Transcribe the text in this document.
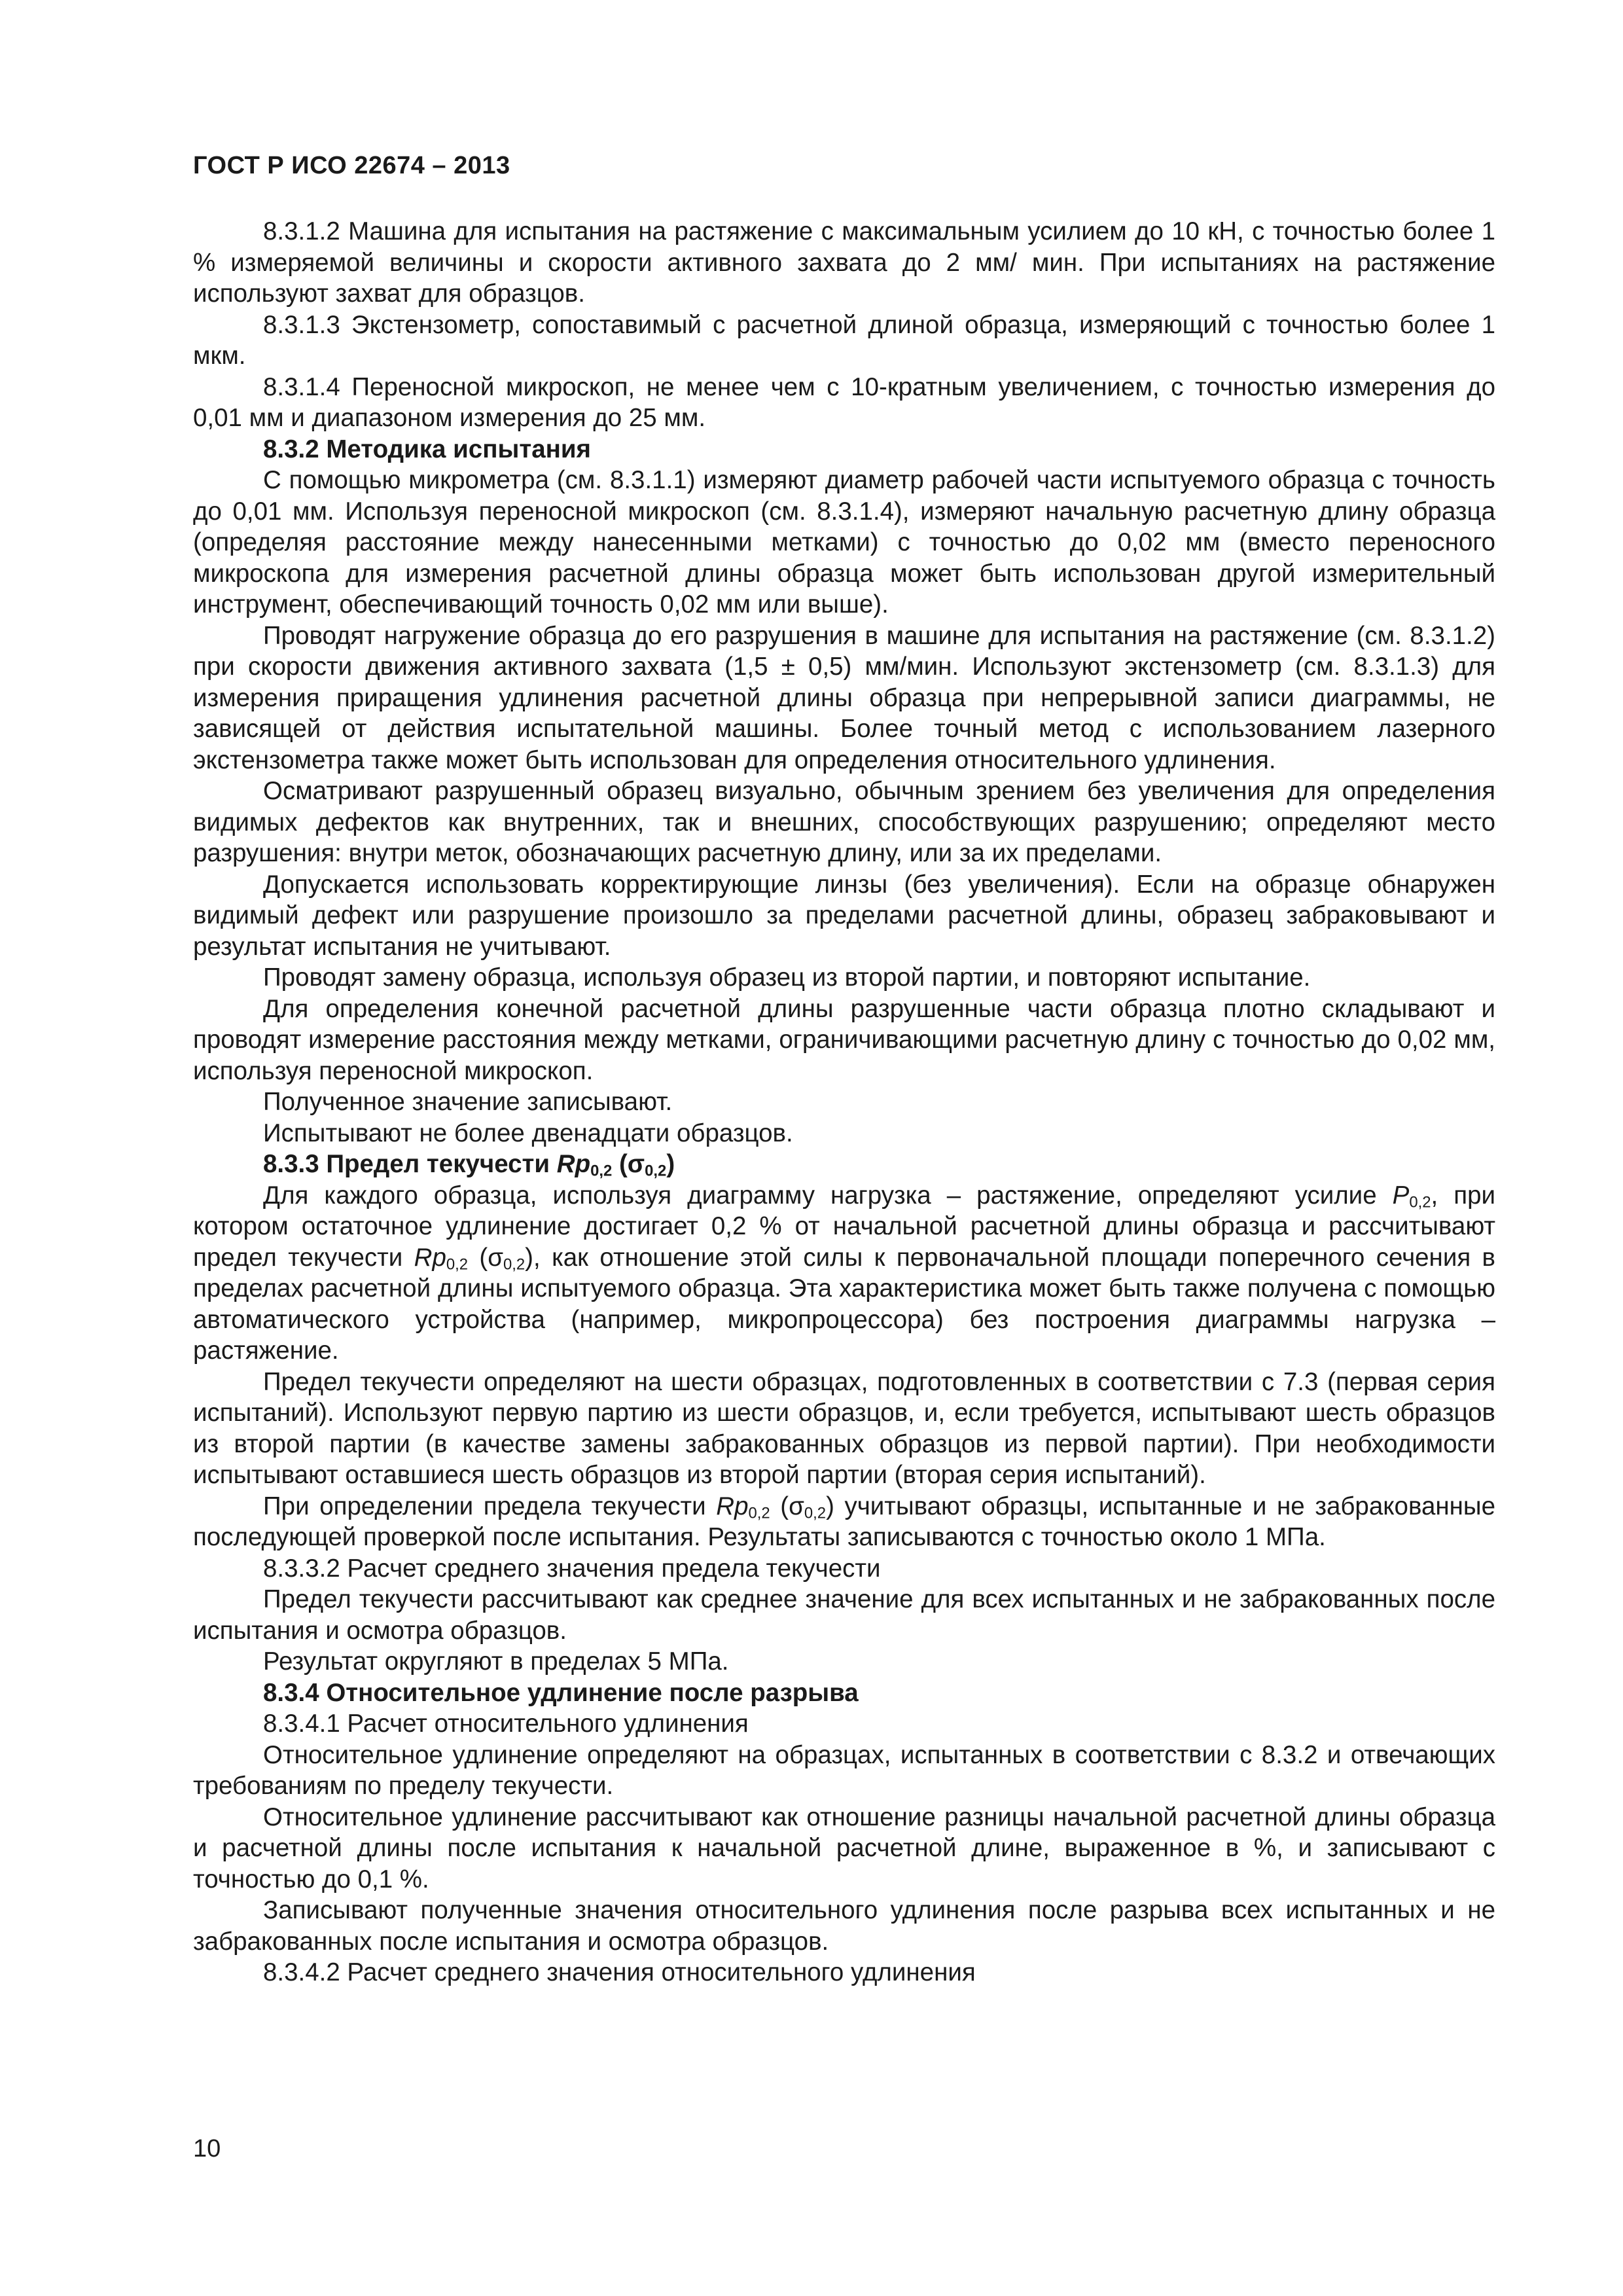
ГОСТ Р ИСО 22674 – 2013

8.3.1.2 Машина для испытания на растяжение с максимальным усилием до 10 кН, с точностью более 1 % измеряемой величины и скорости активного захвата до 2 мм/ мин. При испытаниях на растяжение используют захват для образцов.

8.3.1.3 Экстензометр, сопоставимый с расчетной длиной образца, измеряющий с точностью более 1 мкм.

8.3.1.4 Переносной микроскоп, не менее чем с 10-кратным увеличением, с точностью измерения до 0,01 мм и диапазоном измерения до 25 мм.

8.3.2 Методика испытания

С помощью микрометра (см. 8.3.1.1) измеряют диаметр рабочей части испытуемого образца с точность до 0,01 мм. Используя переносной микроскоп (см. 8.3.1.4), измеряют начальную расчетную длину образца (определяя расстояние между нанесенными метками) с точностью до 0,02 мм (вместо переносного микроскопа для измерения расчетной длины образца может быть использован другой измерительный инструмент, обеспечивающий точность 0,02 мм или выше).

Проводят нагружение образца до его разрушения в машине для испытания на растяжение (см. 8.3.1.2) при скорости движения активного захвата (1,5 ± 0,5) мм/мин. Используют экстензометр (см. 8.3.1.3) для измерения приращения удлинения расчетной длины образца при непрерывной записи диаграммы, не зависящей от действия испытательной машины. Более точный метод с использованием лазерного экстензометра также может быть использован для определения относительного удлинения.

Осматривают разрушенный образец визуально, обычным зрением без увеличения для определения видимых дефектов как внутренних, так и внешних, способствующих разрушению; определяют место разрушения: внутри меток, обозначающих расчетную длину, или за их пределами.

Допускается использовать корректирующие линзы (без увеличения). Если на образце обнаружен видимый дефект или разрушение произошло за пределами расчетной длины, образец забраковывают и результат испытания не учитывают.

Проводят замену образца, используя образец из второй партии, и повторяют испытание.

Для определения конечной расчетной длины разрушенные части образца плотно складывают и проводят измерение расстояния между метками, ограничивающими расчетную длину с точностью до 0,02 мм, используя переносной микроскоп.

Полученное значение записывают.

Испытывают не более двенадцати образцов.

8.3.3 Предел текучести $Rp_{0,2}$ $(\sigma_{0,2})$

Для каждого образца, используя диаграмму нагрузка – растяжение, определяют усилие $P_{0,2}$, при котором остаточное удлинение достигает 0,2 % от начальной расчетной длины образца и рассчитывают предел текучести $Rp_{0,2}$ $(\sigma_{0,2})$, как отношение этой силы к первоначальной площади поперечного сечения в пределах расчетной длины испытуемого образца. Эта характеристика может быть также получена с помощью автоматического устройства (например, микропроцессора) без построения диаграммы нагрузка – растяжение.

Предел текучести определяют на шести образцах, подготовленных в соответствии с 7.3 (первая серия испытаний). Используют первую партию из шести образцов, и, если требуется, испытывают шесть образцов из второй партии (в качестве замены забракованных образцов из первой партии). При необходимости испытывают оставшиеся шесть образцов из второй партии (вторая серия испытаний).

При определении предела текучести $Rp_{0,2}$ $(\sigma_{0,2})$ учитывают образцы, испытанные и не забракованные последующей проверкой после испытания. Результаты записываются с точностью около 1 МПа.

8.3.3.2 Расчет среднего значения предела текучести

Предел текучести рассчитывают как среднее значение для всех испытанных и не забракованных после испытания и осмотра образцов.

Результат округляют в пределах 5 МПа.

8.3.4 Относительное удлинение после разрыва

8.3.4.1 Расчет относительного удлинения

Относительное удлинение определяют на образцах, испытанных в соответствии с 8.3.2 и отвечающих требованиям по пределу текучести.

Относительное удлинение рассчитывают как отношение разницы начальной расчетной длины образца и расчетной длины после испытания к начальной расчетной длине, выраженное в %, и записывают с точностью до 0,1 %.

Записывают полученные значения относительного удлинения после разрыва всех испытанных и не забракованных после испытания и осмотра образцов.

8.3.4.2 Расчет среднего значения относительного удлинения

10
